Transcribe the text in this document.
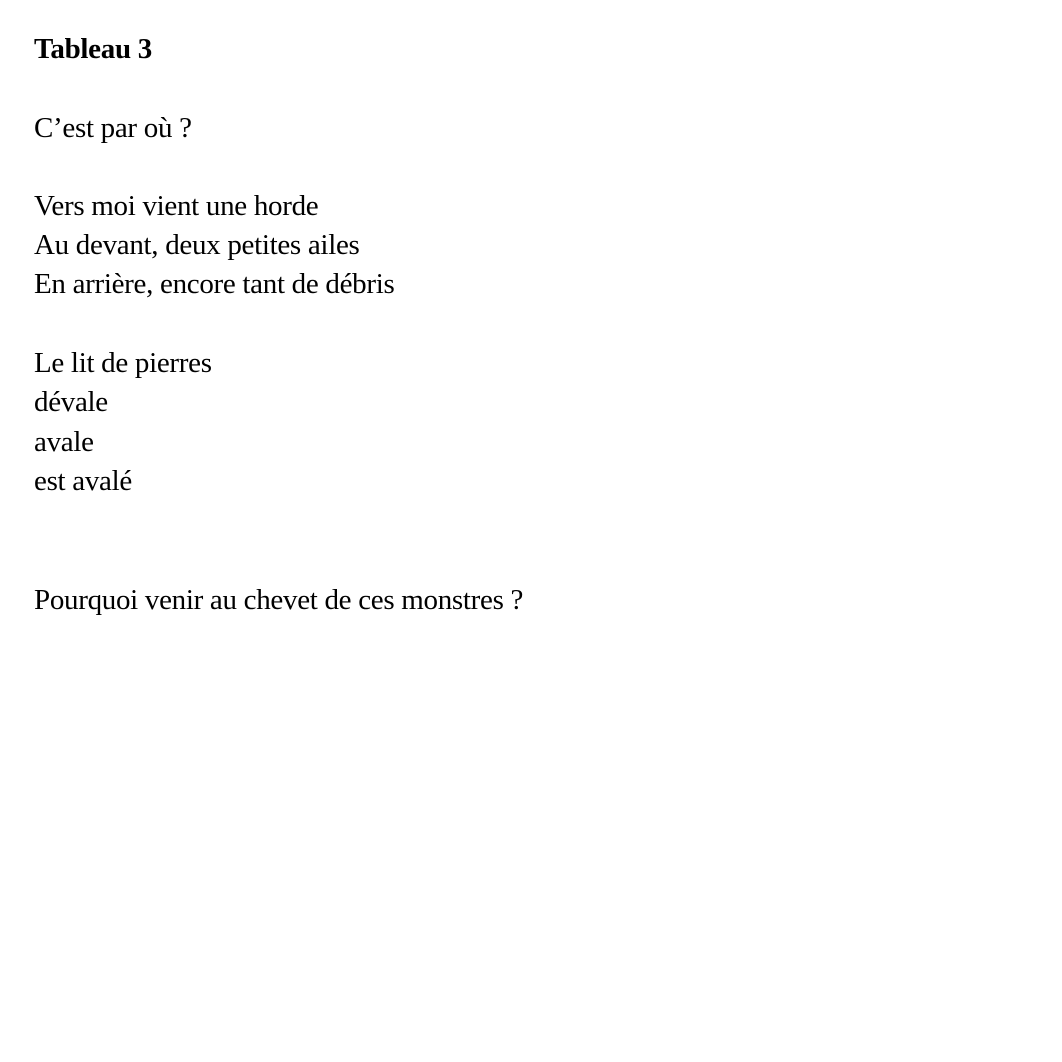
Tableau 3

C’est par où ?

Vers moi vient une horde

Au devant, deux petites ailes

En arrière, encore tant de débris

Le lit de pierres

dévale

avale

est avalé

Pourquoi venir au chevet de ces monstres ?
